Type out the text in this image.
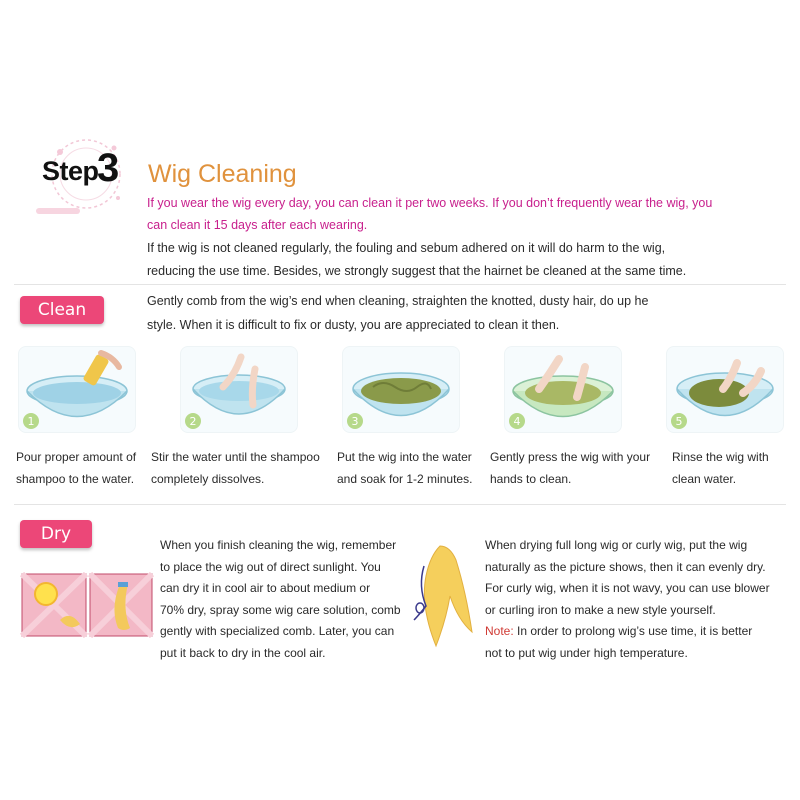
Step
3 Wig Cleaning
If you wear the wig every day, you can clean it per two weeks. If you don’t frequently wear the wig, you
can clean it 15 days after each wearing.
If the wig is not cleaned regularly, the fouling and sebum adhered on it will do harm to the wig,
reducing the use time. Besides, we strongly suggest that the hairnet be cleaned at the same time.
Clean	Gently comb from the wig’s end when cleaning, straighten the knotted, dusty hair, do up he
style. When it is difficult to fix or dusty, you are appreciated to clean it then.
1	2	3	4	5
Pour proper amount of
shampoo to the water.
Stir the water until the shampoo
completely dissolves.
Put the wig into the water
and soak for 1-2 minutes.
Gently press the wig with your
hands to clean.
Rinse the wig with
clean water.
Dry
When you finish cleaning the wig, remember
to place the wig out of direct sunlight. You
can dry it in cool air to about medium or
70% dry, spray some wig care solution, comb
gently with specialized comb. Later, you can
put it back to dry in the cool air.
When drying full long wig or curly wig, put the wig
naturally as the picture shows, then it can evenly dry.
For curly wig, when it is not wavy, you can use blower
or curling iron to make a new style yourself.
Note: In order to prolong wig’s use time, it is better
not to put wig under high temperature.
